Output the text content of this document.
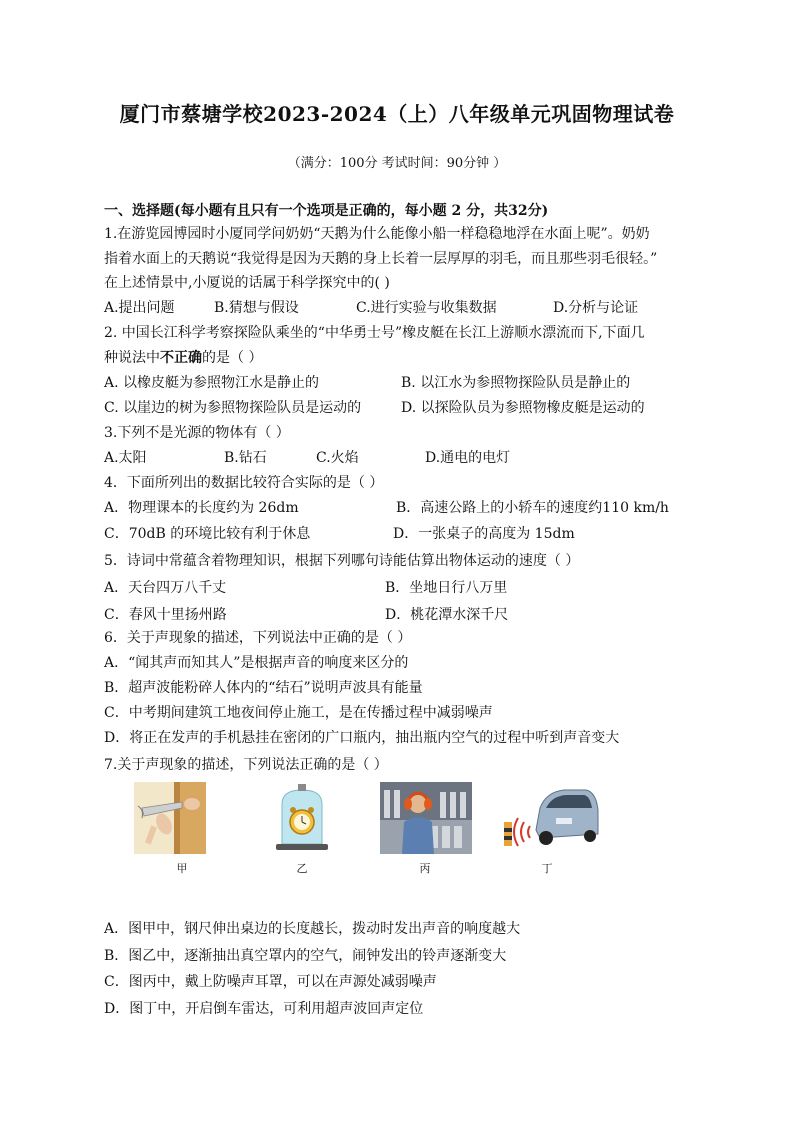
厦门市蔡塘学校2023-2024（上）八年级单元巩固物理试卷
（满分：100分 考试时间：90分钟 ）
一、选择题(每小题有且只有一个选项是正确的，每小题 2 分，共32分)
1.在游览园博园时小厦同学问奶奶“天鹅为什么能像小船一样稳稳地浮在水面上呢”。奶奶
指着水面上的天鹅说“我觉得是因为天鹅的身上长着一层厚厚的羽毛，而且那些羽毛很轻。”
在上述情景中,小厦说的话属于科学探究中的( )
A.提出问题	B.猜想与假设	C.进行实验与收集数据	D.分析与论证
2. 中国长江科学考察探险队乘坐的“中华勇士号”橡皮艇在长江上游顺水漂流而下,下面几
种说法中不正确的是（ ）
A. 以橡皮艇为参照物江水是静止的	B. 以江水为参照物探险队员是静止的
C. 以崖边的树为参照物探险队员是运动的	D. 以探险队员为参照物橡皮艇是运动的
3.下列不是光源的物体有（ ）
A.太阳	B.钻石	C.火焰	D.通电的电灯
4．下面所列出的数据比较符合实际的是（ ）
A．物理课本的长度约为 26dm	B．高速公路上的小轿车的速度约110 km/h
C．70dB 的环境比较有利于休息	D．一张桌子的高度为 15dm
5．诗词中常蕴含着物理知识，根据下列哪句诗能估算出物体运动的速度（ ）
A．天台四万八千丈	B．坐地日行八万里
C．春风十里扬州路	D．桃花潭水深千尺
6．关于声现象的描述，下列说法中正确的是（ ）
A．“闻其声而知其人”是根据声音的响度来区分的
B．超声波能粉碎人体内的“结石”说明声波具有能量
C．中考期间建筑工地夜间停止施工，是在传播过程中减弱噪声
D．将正在发声的手机悬挂在密闭的广口瓶内，抽出瓶内空气的过程中听到声音变大
7.关于声现象的描述，下列说法正确的是（ ）
甲	乙	丙	丁
A．图甲中，钢尺伸出桌边的长度越长，拨动时发出声音的响度越大
B．图乙中，逐渐抽出真空罩内的空气，闹钟发出的铃声逐渐变大
C．图丙中，戴上防噪声耳罩，可以在声源处减弱噪声
D．图丁中，开启倒车雷达，可利用超声波回声定位
